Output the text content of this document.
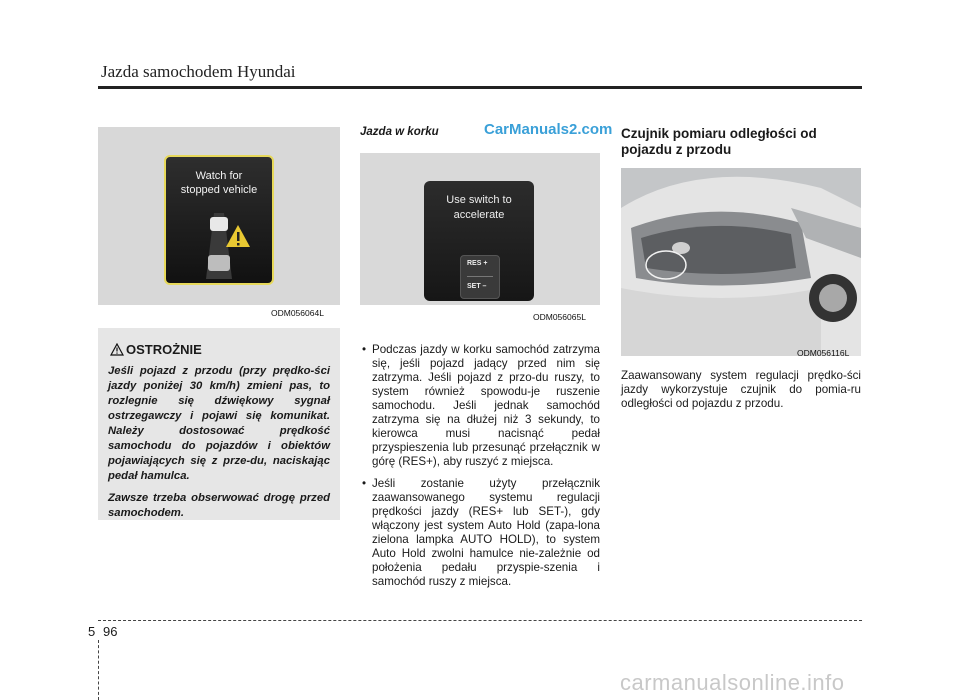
Jazda samochodem Hyundai
Watch for
stopped vehicle
ODM056064L
OSTROŻNIE

Jeśli pojazd z przodu (przy prędko-ści jazdy poniżej 30 km/h) zmieni pas, to rozlegnie się dźwiękowy sygnał ostrzegawczy i pojawi się komunikat. Należy dostosować prędkość samochodu do pojazdów i obiektów pojawiających się z prze-du, naciskając pedał hamulca.

Zawsze trzeba obserwować drogę przed samochodem.

Jazda w korku	CarManuals2.com
Use switch to
accelerate
RES +
SET –
ODM056065L
• Podczas jazdy w korku samochód zatrzyma się, jeśli pojazd jadący przed nim się zatrzyma. Jeśli pojazd z przo-du ruszy, to system również spowodu-je ruszenie samochodu. Jeśli jednak samochód zatrzyma się na dłużej niż 3 sekundy, to kierowca musi nacisnąć pedał przyspieszenia lub przesunąć przełącznik w górę (RES+), aby ruszyć z miejsca.
• Jeśli zostanie użyty przełącznik zaawansowanego systemu regulacji prędkości jazdy (RES+ lub SET-), gdy włączony jest system Auto Hold (zapa-lona zielona lampka AUTO HOLD), to system Auto Hold zwolni hamulce nie-zależnie od położenia pedału przyspie-szenia i samochód ruszy z miejsca.
Czujnik pomiaru odległości od pojazdu z przodu
ODM056116L
Zaawansowany system regulacji prędko-ści jazdy wykorzystuje czujnik do pomia-ru odległości od pojazdu z przodu.
5 96
carmanualsonline.info
